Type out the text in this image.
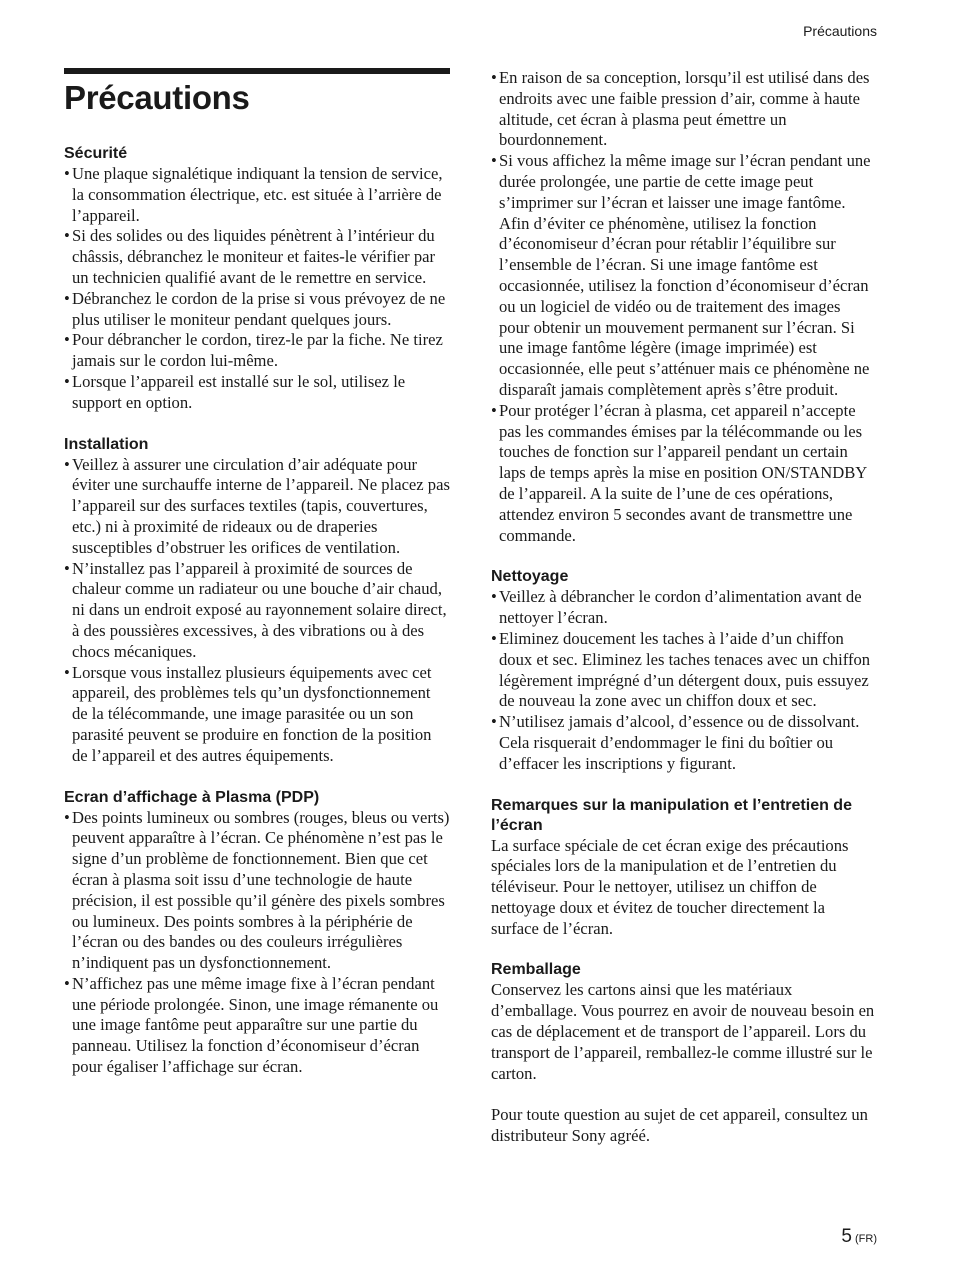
Précautions
Précautions
Sécurité
• Une plaque signalétique indiquant la tension de service, la consommation électrique, etc. est située à l’arrière de l’appareil.
• Si des solides ou des liquides pénètrent à l’intérieur du châssis, débranchez le moniteur et faites-le vérifier par un technicien qualifié avant de le remettre en service.
• Débranchez le cordon de la prise si vous prévoyez de ne plus utiliser le moniteur pendant quelques jours.
• Pour débrancher le cordon, tirez-le par la fiche. Ne tirez jamais sur le cordon lui-même.
• Lorsque l’appareil est installé sur le sol, utilisez le support en option.
Installation
• Veillez à assurer une circulation d’air adéquate pour éviter une surchauffe interne de l’appareil. Ne placez pas l’appareil sur des surfaces textiles (tapis, couvertures, etc.) ni à proximité de rideaux ou de draperies susceptibles d’obstruer les orifices de ventilation.
• N’installez pas l’appareil à proximité de sources de chaleur comme un radiateur ou une bouche d’air chaud, ni dans un endroit exposé au rayonnement solaire direct, à des poussières excessives, à des vibrations ou à des chocs mécaniques.
• Lorsque vous installez plusieurs équipements avec cet appareil, des problèmes tels qu’un dysfonctionnement de la télécommande, une image parasitée ou un son parasité peuvent se produire en fonction de la position de l’appareil et des autres équipements.
Ecran d’affichage à Plasma (PDP)
• Des points lumineux ou sombres (rouges, bleus ou verts) peuvent apparaître à l’écran. Ce phénomène n’est pas le signe d’un problème de fonctionnement. Bien que cet écran à plasma soit issu d’une technologie de haute précision, il est possible qu’il génère des pixels sombres ou lumineux. Des points sombres à la périphérie de l’écran ou des bandes ou des couleurs irrégulières n’indiquent pas un dysfonctionnement.
• N’affichez pas une même image fixe à l’écran pendant une période prolongée. Sinon, une image rémanente ou une image fantôme peut apparaître sur une partie du panneau. Utilisez la fonction d’économiseur d’écran pour égaliser l’affichage sur écran.
• En raison de sa conception, lorsqu’il est utilisé dans des endroits avec une faible pression d’air, comme à haute altitude, cet écran à plasma peut émettre un bourdonnement.
• Si vous affichez la même image sur l’écran pendant une durée prolongée, une partie de cette image peut s’imprimer sur l’écran et laisser une image fantôme. Afin d’éviter ce phénomène, utilisez la fonction d’économiseur d’écran pour rétablir l’équilibre sur l’ensemble de l’écran. Si une image fantôme est occasionnée, utilisez la fonction d’économiseur d’écran ou un logiciel de vidéo ou de traitement des images pour obtenir un mouvement permanent sur l’écran. Si une image fantôme légère (image imprimée) est occasionnée, elle peut s’atténuer mais ce phénomène ne disparaît jamais complètement après s’être produit.
• Pour protéger l’écran à plasma, cet appareil n’accepte pas les commandes émises par la télécommande ou les touches de fonction sur l’appareil pendant un certain laps de temps après la mise en position ON/STANDBY de l’appareil. A la suite de l’une de ces opérations, attendez environ 5 secondes avant de transmettre une commande.
Nettoyage
• Veillez à débrancher le cordon d’alimentation avant de nettoyer l’écran.
• Eliminez doucement les taches à l’aide d’un chiffon doux et sec. Eliminez les taches tenaces avec un chiffon légèrement imprégné d’un détergent doux, puis essuyez de nouveau la zone avec un chiffon doux et sec.
• N’utilisez jamais d’alcool, d’essence ou de dissolvant. Cela risquerait d’endommager le fini du boîtier ou d’effacer les inscriptions y figurant.
Remarques sur la manipulation et l’entretien de l’écran

La surface spéciale de cet écran exige des précautions spéciales lors de la manipulation et de l’entretien du téléviseur. Pour le nettoyer, utilisez un chiffon de nettoyage doux et évitez de toucher directement la surface de l’écran.

Remballage

Conservez les cartons ainsi que les matériaux d’emballage. Vous pourrez en avoir de nouveau besoin en cas de déplacement et de transport de l’appareil. Lors du transport de l’appareil, remballez-le comme illustré sur le carton.

Pour toute question au sujet de cet appareil, consultez un distributeur Sony agréé.

5 (FR)
